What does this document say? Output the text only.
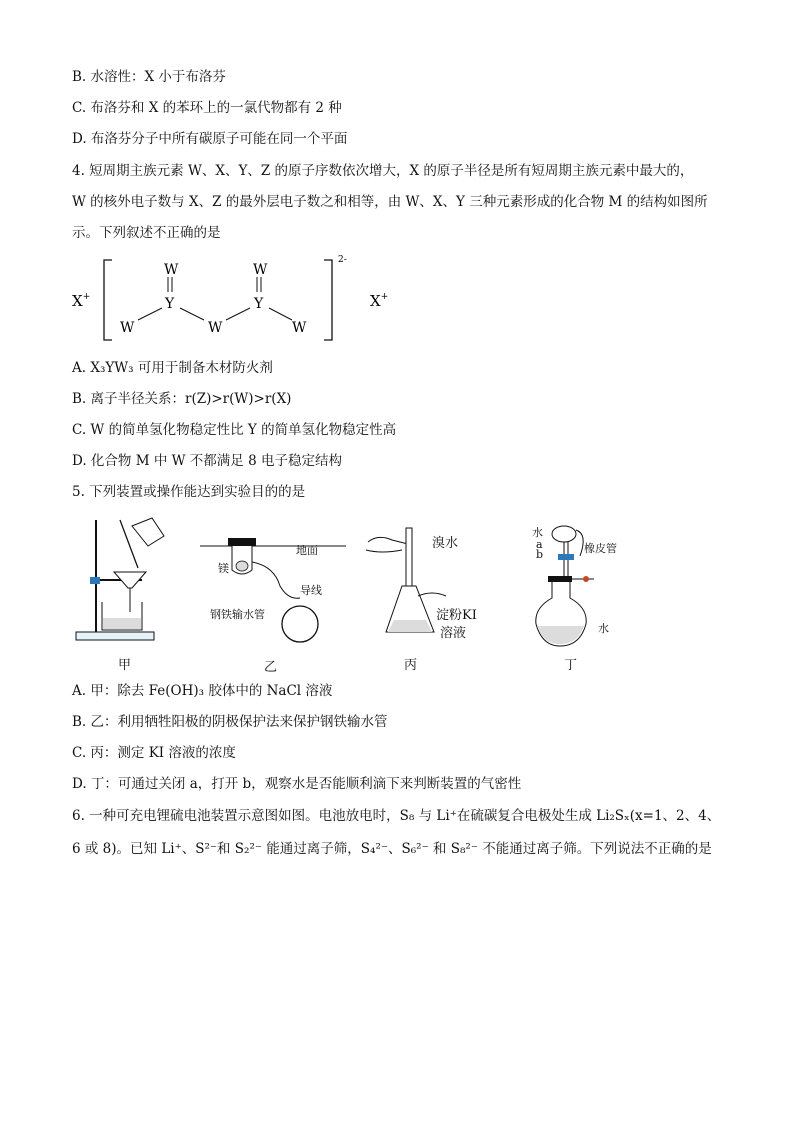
B. 水溶性：X 小于布洛芬
C. 布洛芬和 X 的苯环上的一氯代物都有 2 种
D. 布洛芬分子中所有碳原子可能在同一个平面
4. 短周期主族元素 W、X、Y、Z 的原子序数依次增大，X 的原子半径是所有短周期主族元素中最大的，
W 的核外电子数与 X、Z 的最外层电子数之和相等，由 W、X、Y 三种元素形成的化合物 M 的结构如图所
示。下列叙述不正确的是
X+
2-
W
Y
W	W
W
Y
W
X+
A. X₃YW₃ 可用于制备木材防火剂
B. 离子半径关系：r(Z)>r(W)>r(X)
C. W 的简单氢化物稳定性比 Y 的简单氢化物稳定性高
D. 化合物 M 中 W 不都满足 8 电子稳定结构
5. 下列装置或操作能达到实验目的的是
甲
地面
镁
导线
钢铁输水管
乙
溴水
淀粉KI
溶液
丙
水
a
b	橡皮管
水
丁
A. 甲：除去 Fe(OH)₃ 胶体中的 NaCl 溶液
B. 乙：利用牺牲阳极的阴极保护法来保护钢铁输水管
C. 丙：测定 KI 溶液的浓度
D. 丁：可通过关闭 a，打开 b，观察水是否能顺利滴下来判断装置的气密性
6. 一种可充电锂硫电池装置示意图如图。电池放电时，S₈ 与 Li⁺在硫碳复合电极处生成 Li₂Sₓ(x=1、2、4、
6 或 8)。已知 Li⁺、S²⁻和 S₂²⁻ 能通过离子筛，S₄²⁻、S₆²⁻ 和 S₈²⁻ 不能通过离子筛。下列说法不正确的是
